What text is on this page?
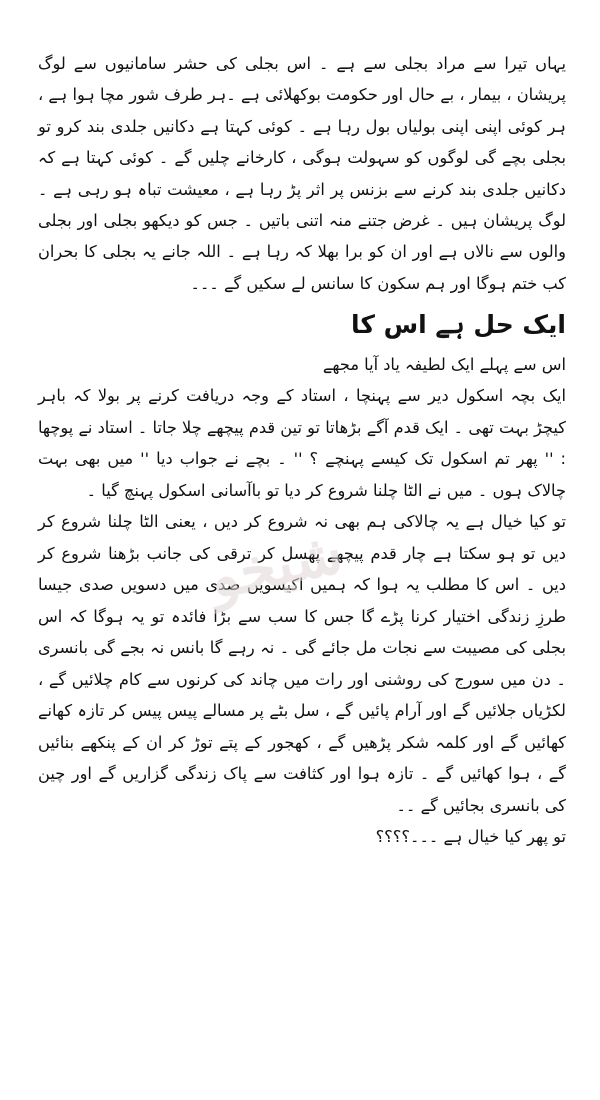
یہاں تیرا سے مراد بجلی سے ہے ۔ اس بجلی کی حشر سامانیوں سے لوگ پریشان ، بیمار ، بے حال اور حکومت بوکھلائی ہے ۔ہر طرف شور مچا ہوا ہے ، ہر کوئی اپنی اپنی بولیاں بول رہا ہے ۔ کوئی کہتا ہے دکانیں جلدی بند کرو تو بجلی بچے گی لوگوں کو سہولت ہوگی ، کارخانے چلیں گے ۔ کوئی کہتا ہے کہ دکانیں جلدی بند کرنے سے بزنس پر اثر پڑ رہا ہے ، معیشت تباہ ہو رہی ہے ۔ لوگ پریشان ہیں ۔ غرض جتنے منہ اتنی باتیں ۔ جس کو دیکھو بجلی اور بجلی والوں سے نالاں ہے اور ان کو برا بھلا کہ رہا ہے ۔ اللہ جانے یہ بجلی کا بحران کب ختم ہوگا اور ہم سکون کا سانس لے سکیں گے ۔۔۔

ایک حل ہے اس کا

اس سے پہلے ایک لطیفہ یاد آیا مجھے

ایک بچہ اسکول دیر سے پہنچا ، استاد کے وجہ دریافت کرنے پر بولا کہ باہر کیچڑ بہت تھی ۔ ایک قدم آگے بڑھاتا تو تین قدم پیچھے چلا جاتا ۔ استاد نے پوچھا : '' پھر تم اسکول تک کیسے پہنچے ؟ '' ۔ بچے نے جواب دیا '' میں بھی بہت چالاک ہوں ۔ میں نے الٹا چلنا شروع کر دیا تو باآسانی اسکول پہنچ گیا ۔

تو کیا خیال ہے یہ چالاکی ہم بھی نہ شروع کر دیں ، یعنی الٹا چلنا شروع کر دیں تو ہو سکتا ہے چار قدم پیچھے پھسل کر ترقی کی جانب بڑھنا شروع کر دیں ۔ اس کا مطلب یہ ہوا کہ ہمیں اکیسویں صدی میں دسویں صدی جیسا طرزِ زندگی اختیار کرنا پڑے گا جس کا سب سے بڑا فائدہ تو یہ ہوگا کہ اس بجلی کی مصیبت سے نجات مل جائے گی ۔ نہ رہے گا بانس نہ بجے گی بانسری ۔ دن میں سورج کی روشنی اور رات میں چاند کی کرنوں سے کام چلائیں گے ، لکڑیاں جلائیں گے اور آرام پائیں گے ، سل بٹے پر مسالے پیس پیس کر تازہ کھانے کھائیں گے اور کلمہ شکر پڑھیں گے ، کھجور کے پتے توڑ کر ان کے پنکھے بنائیں گے ، ہوا کھائیں گے ۔ تازہ ہوا اور کثافت سے پاک زندگی گزاریں گے اور چین کی بانسری بجائیں گے ۔۔

تو پھر کیا خیال ہے ۔۔۔؟؟؟؟

شیخو
